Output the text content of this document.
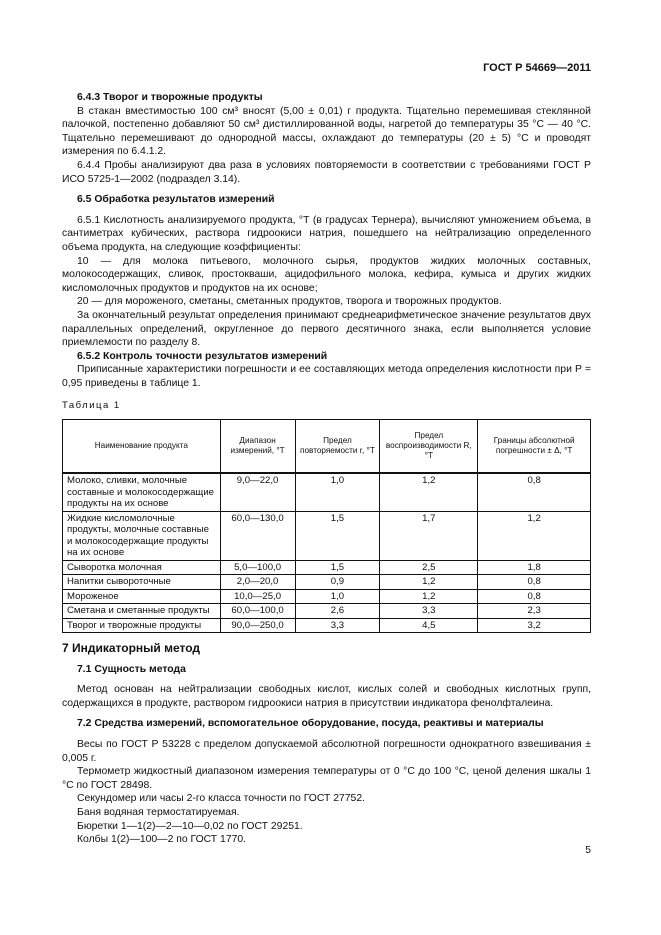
ГОСТ Р 54669—2011

6.4.3 Творог и творожные продукты

В стакан вместимостью 100 см³ вносят (5,00 ± 0,01) г продукта. Тщательно перемешивая стеклянной палочкой, постепенно добавляют 50 см³ дистиллированной воды, нагретой до температуры 35 °С — 40 °С. Тщательно перемешивают до однородной массы, охлаждают до температуры (20 ± 5) °С и проводят измерения по 6.4.1.2.

6.4.4 Пробы анализируют два раза в условиях повторяемости в соответствии с требованиями ГОСТ Р ИСО 5725-1—2002 (подраздел 3.14).

6.5 Обработка результатов измерений

6.5.1 Кислотность анализируемого продукта, °Т (в градусах Тернера), вычисляют умножением объема, в сантиметрах кубических, раствора гидроокиси натрия, пошедшего на нейтрализацию определенного объема продукта, на следующие коэффициенты:

10 — для молока питьевого, молочного сырья, продуктов жидких молочных составных, молокосодержащих, сливок, простокваши, ацидофильного молока, кефира, кумыса и других жидких кисломолочных продуктов и продуктов на их основе;

20 — для мороженого, сметаны, сметанных продуктов, творога и творожных продуктов.

За окончательный результат определения принимают среднеарифметическое значение результатов двух параллельных определений, округленное до первого десятичного знака, если выполняется условие приемлемости по разделу 8.

6.5.2 Контроль точности результатов измерений

Приписанные характеристики погрешности и ее составляющих метода определения кислотности при P = 0,95 приведены в таблице 1.

Таблица 1

Наименование продукта	Диапазон измерений, °Т	Предел повторяемости r, °Т	Предел воспроизводимости R, °Т	Границы абсолютной погрешности ± Δ, °Т
Молоко, сливки, молочные составные и молокосодержащие продукты на их основе	9,0—22,0	1,0	1,2	0,8
Жидкие кисломолочные продукты, молочные составные и молокосодержащие продукты на их основе	60,0—130,0	1,5	1,7	1,2
Сыворотка молочная	5,0—100,0	1,5	2,5	1,8
Напитки сывороточные	2,0—20,0	0,9	1,2	0,8
Мороженое	10,0—25,0	1,0	1,2	0,8
Сметана и сметанные продукты	60,0—100,0	2,6	3,3	2,3
Творог и творожные продукты	90,0—250,0	3,3	4,5	3,2

7 Индикаторный метод

7.1 Сущность метода

Метод основан на нейтрализации свободных кислот, кислых солей и свободных кислотных групп, содержащихся в продукте, раствором гидроокиси натрия в присутствии индикатора фенолфталеина.

7.2 Средства измерений, вспомогательное оборудование, посуда, реактивы и материалы

Весы по ГОСТ Р 53228 с пределом допускаемой абсолютной погрешности однократного взвешивания ± 0,005 г.

Термометр жидкостный диапазоном измерения температуры от 0 °С до 100 °С, ценой деления шкалы 1 °С по ГОСТ 28498.

Секундомер или часы 2-го класса точности по ГОСТ 27752.

Баня водяная термостатируемая.

Бюретки 1—1(2)—2—10—0,02 по ГОСТ 29251.

Колбы 1(2)—100—2 по ГОСТ 1770.

5
